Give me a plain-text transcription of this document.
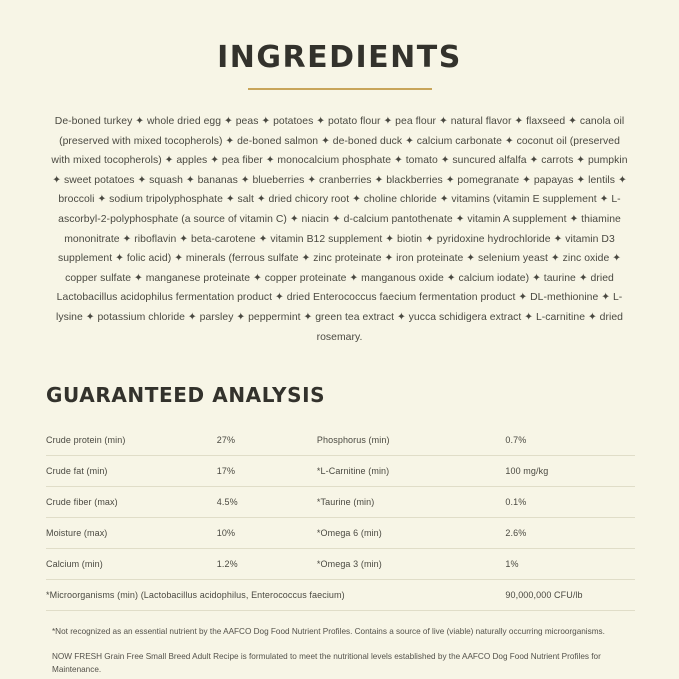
INGREDIENTS
De-boned turkey ✦ whole dried egg ✦ peas ✦ potatoes ✦ potato flour ✦ pea flour ✦ natural flavor ✦ flaxseed ✦ canola oil (preserved with mixed tocopherols) ✦ de-boned salmon ✦ de-boned duck ✦ calcium carbonate ✦ coconut oil (preserved with mixed tocopherols) ✦ apples ✦ pea fiber ✦ monocalcium phosphate ✦ tomato ✦ suncured alfalfa ✦ carrots ✦ pumpkin ✦ sweet potatoes ✦ squash ✦ bananas ✦ blueberries ✦ cranberries ✦ blackberries ✦ pomegranate ✦ papayas ✦ lentils ✦ broccoli ✦ sodium tripolyphosphate ✦ salt ✦ dried chicory root ✦ choline chloride ✦ vitamins (vitamin E supplement ✦ L-ascorbyl-2-polyphosphate (a source of vitamin C) ✦ niacin ✦ d-calcium pantothenate ✦ vitamin A supplement ✦ thiamine mononitrate ✦ riboflavin ✦ beta-carotene ✦ vitamin B12 supplement ✦ biotin ✦ pyridoxine hydrochloride ✦ vitamin D3 supplement ✦ folic acid) ✦ minerals (ferrous sulfate ✦ zinc proteinate ✦ iron proteinate ✦ selenium yeast ✦ zinc oxide ✦ copper sulfate ✦ manganese proteinate ✦ copper proteinate ✦ manganous oxide ✦ calcium iodate) ✦ taurine ✦ dried Lactobacillus acidophilus fermentation product ✦ dried Enterococcus faecium fermentation product ✦ DL-methionine ✦ L-lysine ✦ potassium chloride ✦ parsley ✦ peppermint ✦ green tea extract ✦ yucca schidigera extract ✦ L-carnitine ✦ dried rosemary.
GUARANTEED ANALYSIS
Crude protein (min)	27%	Phosphorus (min)	0.7%
Crude fat (min)	17%	*L-Carnitine (min)	100 mg/kg
Crude fiber (max)	4.5%	*Taurine (min)	0.1%
Moisture (max)	10%	*Omega 6 (min)	2.6%
Calcium (min)	1.2%	*Omega 3 (min)	1%
*Microorganisms (min) (Lactobacillus acidophilus, Enterococcus faecium)			90,000,000 CFU/lb
*Not recognized as an essential nutrient by the AAFCO Dog Food Nutrient Profiles. Contains a source of live (viable) naturally occurring microorganisms.
NOW FRESH Grain Free Small Breed Adult Recipe is formulated to meet the nutritional levels established by the AAFCO Dog Food Nutrient Profiles for Maintenance.
